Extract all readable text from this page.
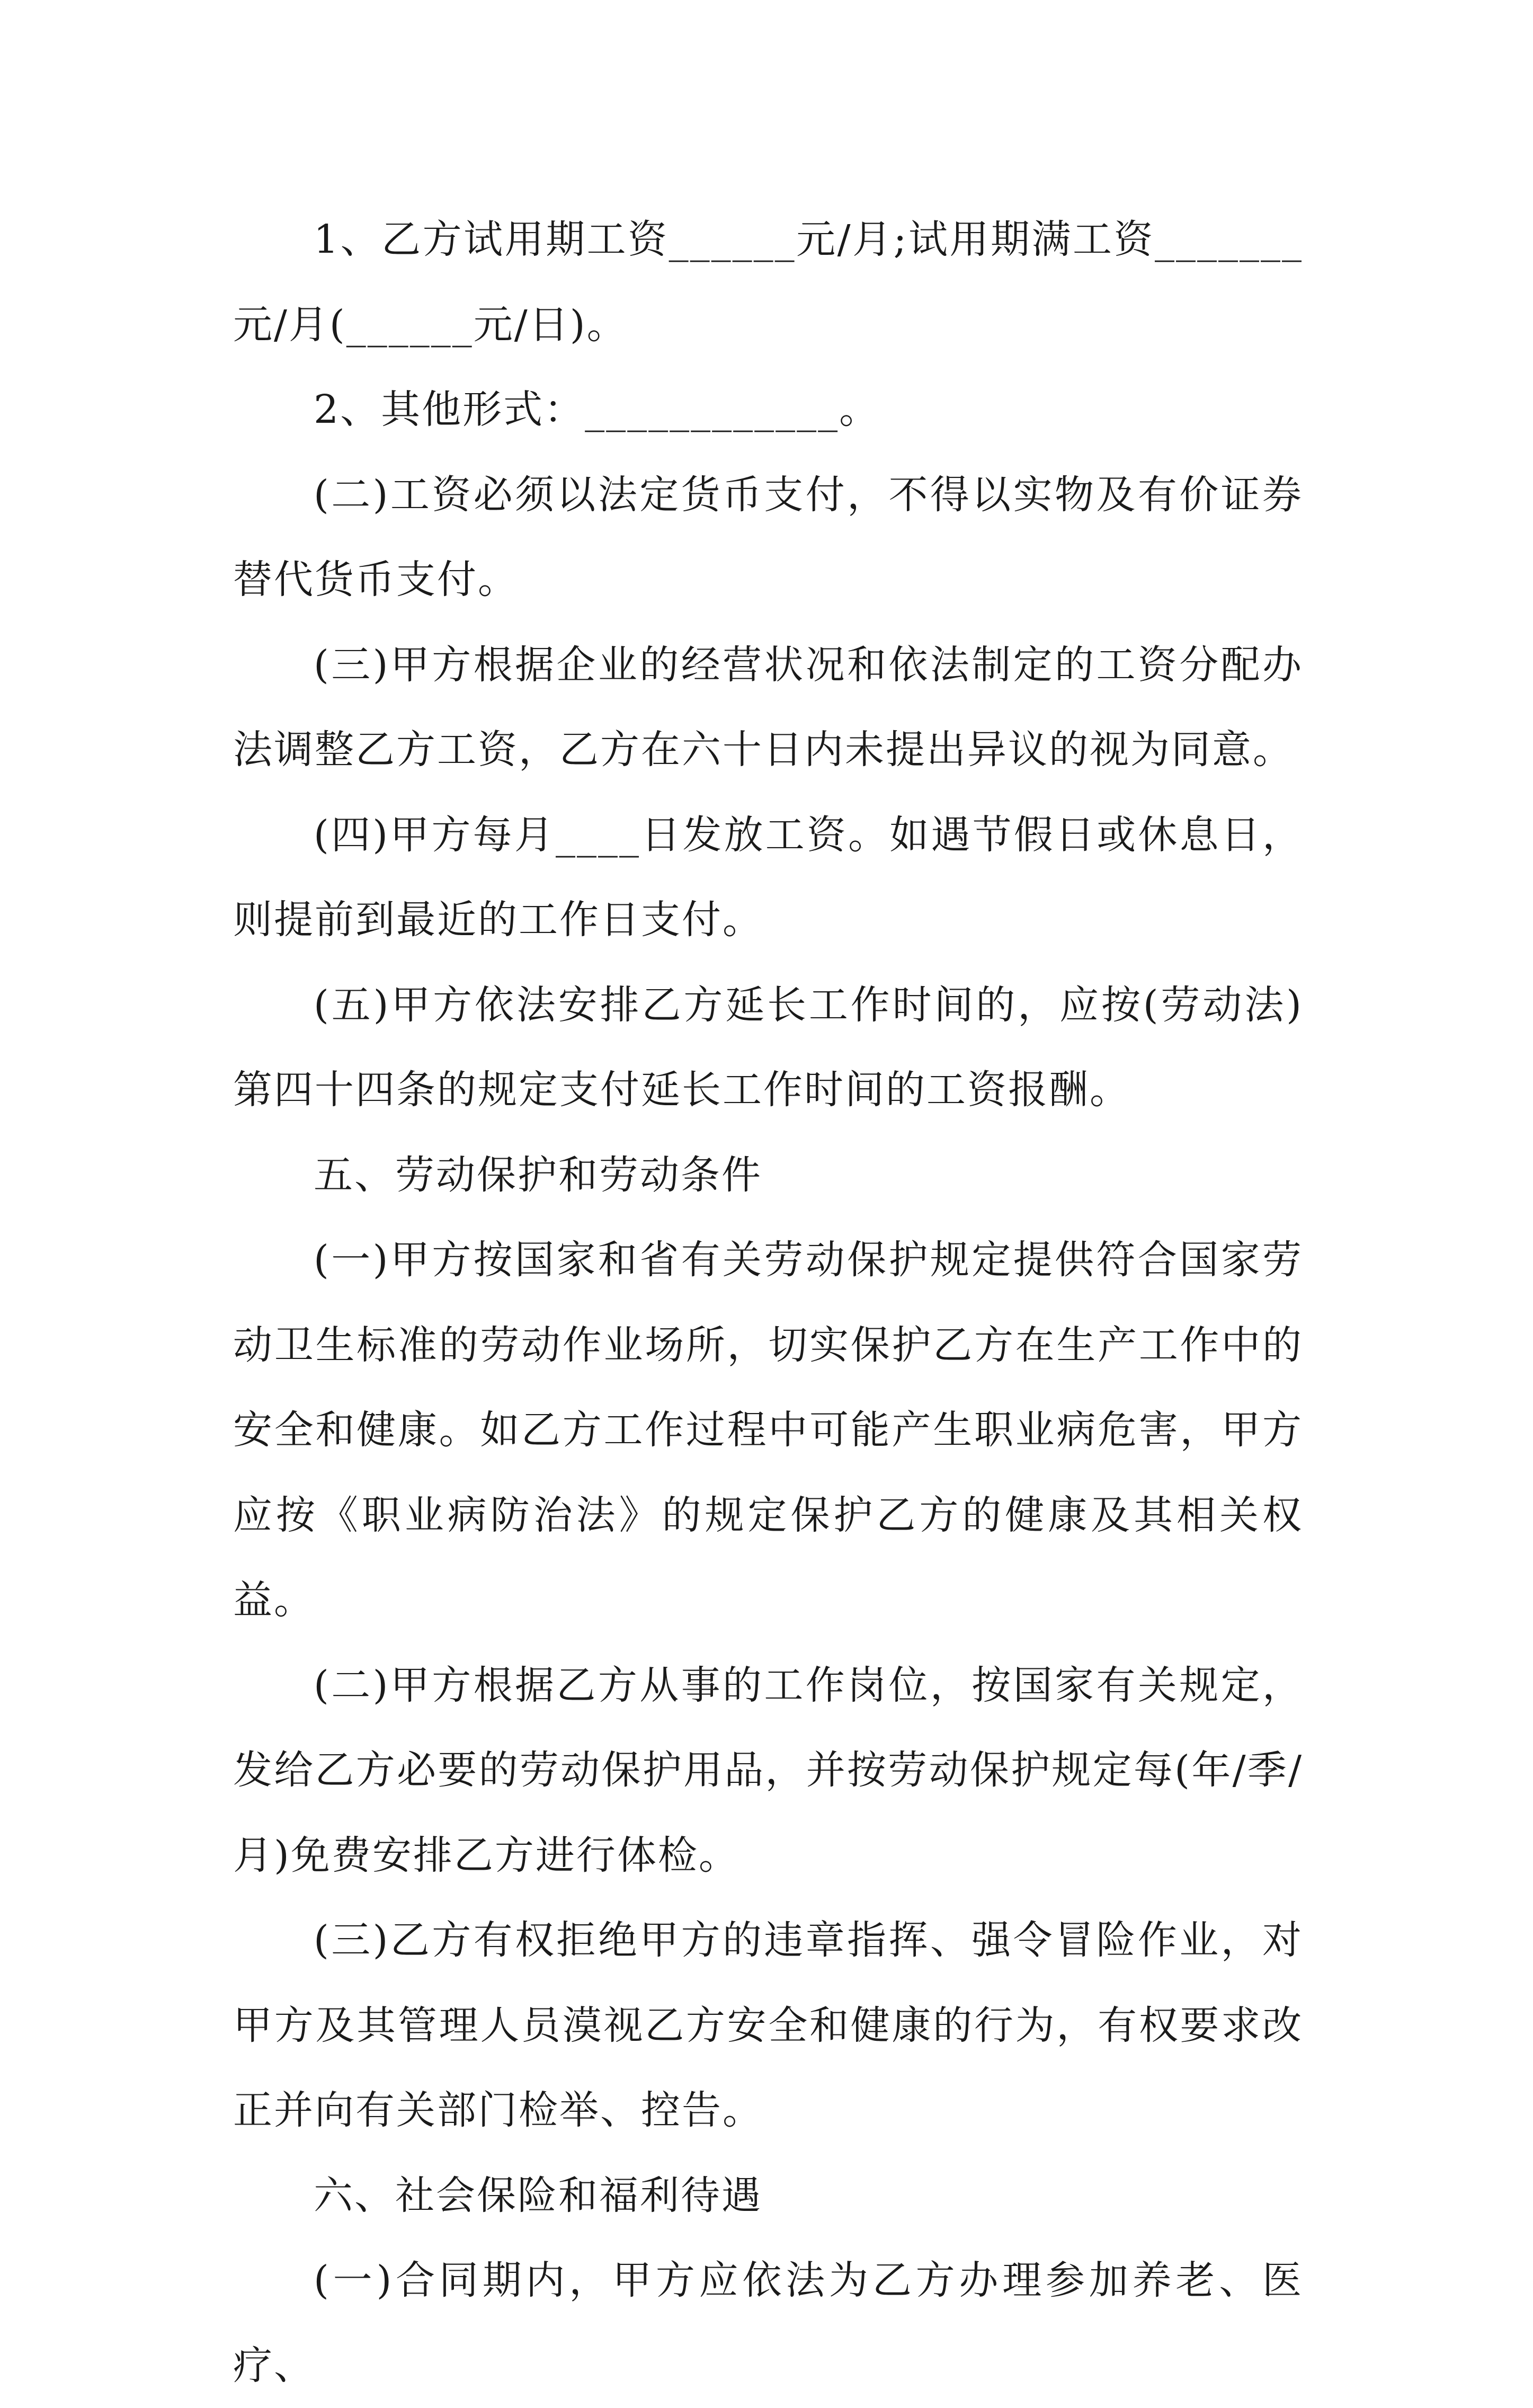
1、乙方试用期工资______元/月;试用期满工资_______元/月(______元/日)。

2、其他形式：____________。

(二)工资必须以法定货币支付，不得以实物及有价证券替代货币支付。

(三)甲方根据企业的经营状况和依法制定的工资分配办法调整乙方工资，乙方在六十日内未提出异议的视为同意。

(四)甲方每月____日发放工资。如遇节假日或休息日，则提前到最近的工作日支付。

(五)甲方依法安排乙方延长工作时间的，应按(劳动法)第四十四条的规定支付延长工作时间的工资报酬。

五、劳动保护和劳动条件

(一)甲方按国家和省有关劳动保护规定提供符合国家劳动卫生标准的劳动作业场所，切实保护乙方在生产工作中的安全和健康。如乙方工作过程中可能产生职业病危害，甲方应按《职业病防治法》的规定保护乙方的健康及其相关权益。

(二)甲方根据乙方从事的工作岗位，按国家有关规定，发给乙方必要的劳动保护用品，并按劳动保护规定每(年/季/月)免费安排乙方进行体检。

(三)乙方有权拒绝甲方的违章指挥、强令冒险作业，对甲方及其管理人员漠视乙方安全和健康的行为，有权要求改正并向有关部门检举、控告。

六、社会保险和福利待遇

(一)合同期内，甲方应依法为乙方办理参加养老、医疗、
